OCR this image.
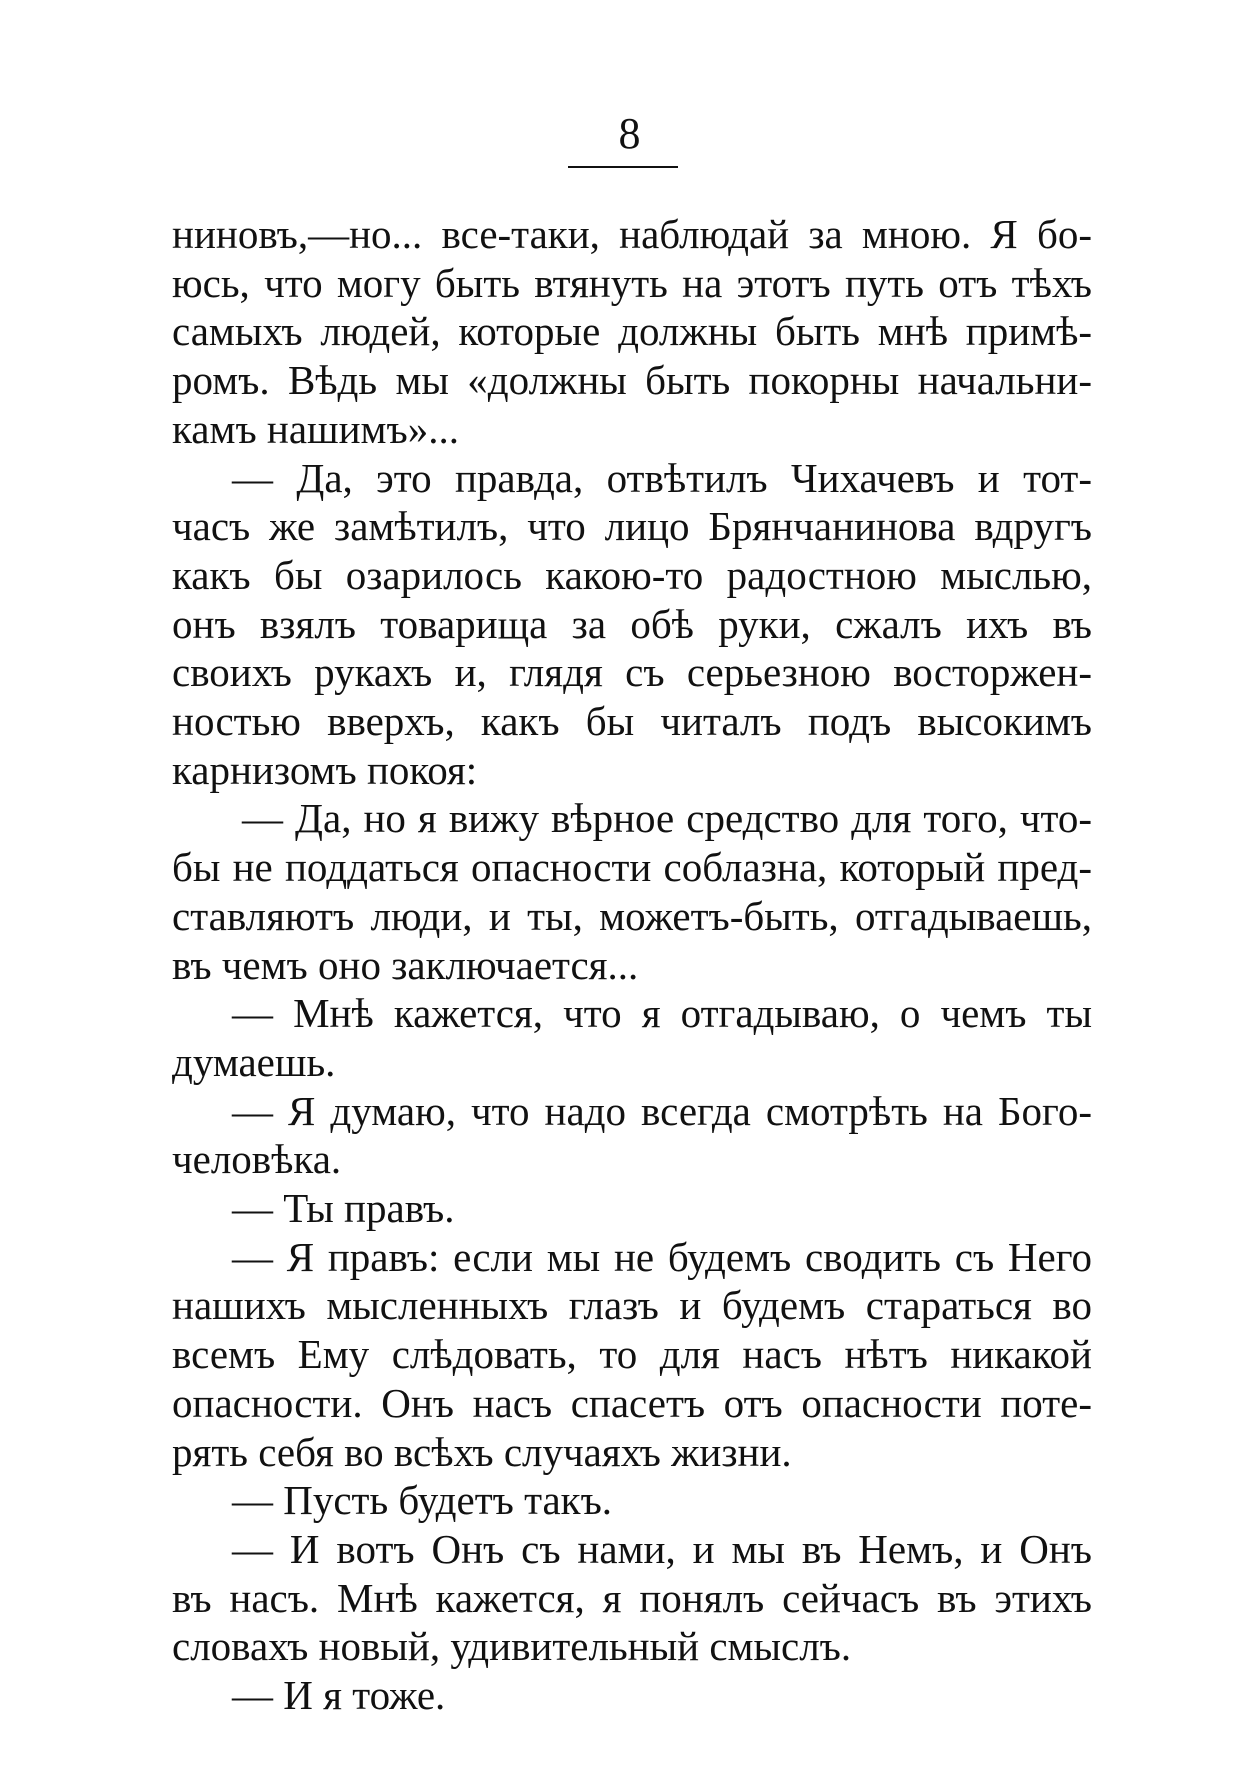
8
ниновъ,—но... все-таки, наблюдай за мною. Я бо-
юсь, что могу быть втянуть на этотъ путь отъ тѣхъ
самыхъ людей, которые должны быть мнѣ примѣ-
ромъ. Вѣдь мы «должны быть покорны начальни-
камъ нашимъ»...
— Да, это правда, отвѣтилъ Чихачевъ и тот-
часъ же замѣтилъ, что лицо Брянчанинова вдругъ
какъ бы озарилось какою-то радостною мыслью,
онъ взялъ товарища за обѣ руки, сжалъ ихъ въ
своихъ рукахъ и, глядя съ серьезною восторжен-
ностью вверхъ, какъ бы читалъ подъ высокимъ
карнизомъ покоя:
— Да, но я вижу вѣрное средство для того, что-
бы не поддаться опасности соблазна, который пред-
ставляютъ люди, и ты, можетъ-быть, отгадываешь,
въ чемъ оно заключается...
— Мнѣ кажется, что я отгадываю, о чемъ ты
думаешь.
— Я думаю, что надо всегда смотрѣть на Бого-
человѣка.
— Ты правъ.
— Я правъ: если мы не будемъ сводить съ Него
нашихъ мысленныхъ глазъ и будемъ стараться во
всемъ Ему слѣдовать, то для насъ нѣтъ никакой
опасности. Онъ насъ спасетъ отъ опасности поте-
рять себя во всѣхъ случаяхъ жизни.
— Пусть будетъ такъ.
— И вотъ Онъ съ нами, и мы въ Немъ, и Онъ
въ насъ. Мнѣ кажется, я понялъ сейчасъ въ этихъ
словахъ новый, удивительный смыслъ.
— И я тоже.
